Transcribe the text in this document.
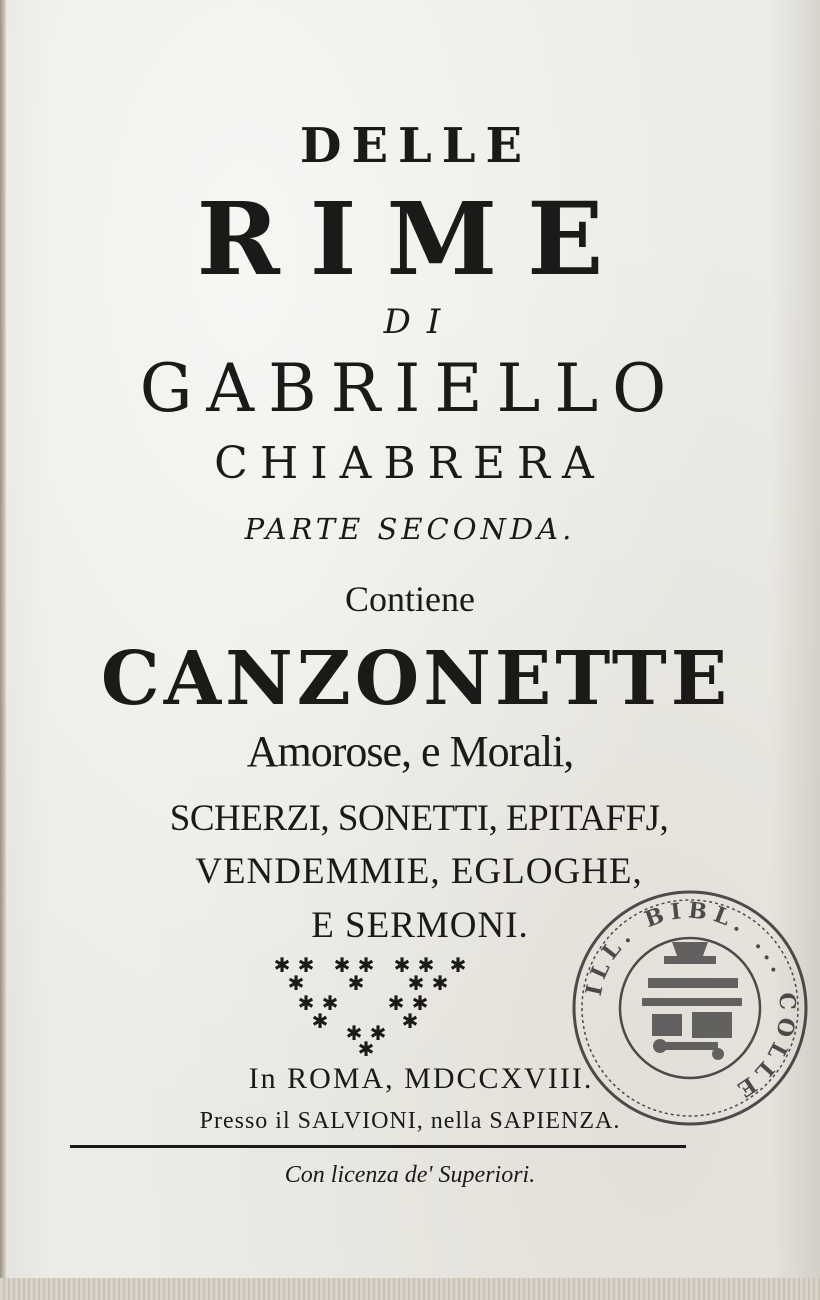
DELLE
RIME
DI
GABRIELLO
CHIABRERA
PARTE SECONDA.
Contiene
CANZONETTE
Amorose, e Morali,
SCHERZI, SONETTI, EPITAFFJ,
VENDEMMIE, EGLOGHE,
E SERMONI.
✱ ✱ ✱ ✱ ✱ ✱ ✱
✱ ✱ ✱ ✱
✱ ✱ ✱ ✱
✱	✱
✱ ✱
✱
In ROMA, MDCCXVIII.
Presso il SALVIONI, nella SAPIENZA.
Con licenza de' Superiori.
ILL. BIBL. ... COLLE
